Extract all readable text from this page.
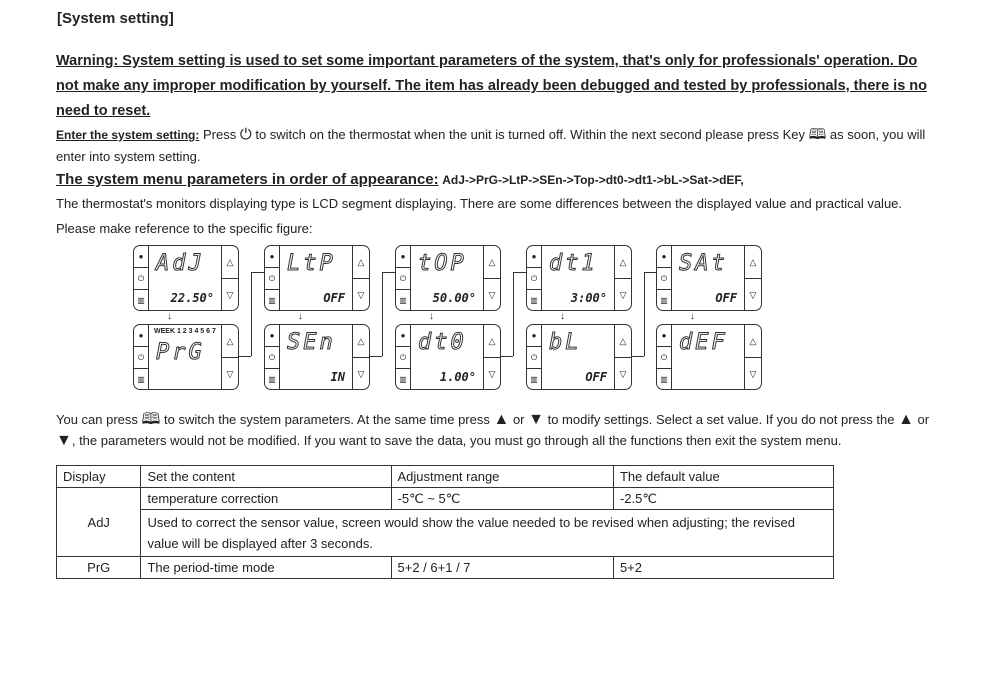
[System setting]
Warning: System setting is used to set some important parameters of the system, that's only for professionals' operation. Do not make any improper modification by yourself. The item has already been debugged and tested by professionals, there is no need to reset.
Enter the system setting: Press ⏻ to switch on the thermostat when the unit is turned off. Within the next second please press Key 🕮 as soon, you will enter into system setting.
The system menu parameters in order of appearance: AdJ->PrG->LtP->SEn->Top->dt0->dt1->bL->Sat->dEF,
The thermostat's monitors displaying type is LCD segment displaying. There are some differences between the displayed value and practical value.
Please make reference to the specific figure:
●
⏻
▥
△
▽
AdJ
22.50°
↓
●
⏻
▥
△
▽
LtP
OFF
↓
●
⏻
▥
△
▽
tOP
50.00°
↓
●
⏻
▥
△
▽
dt1
3:00°
↓
●
⏻
▥
△
▽
SAt
OFF
↓
●
⏻
▥
△
▽
WEEK 1 2 3 4 5 6 7
PrG
●
⏻
▥
△
▽
SEn
IN
●
⏻
▥
△
▽
dt0
1.00°
●
⏻
▥
△
▽
bL
OFF
●
⏻
▥
△
▽
dEF
You can press 🕮 to switch the system parameters. At the same time press ▲ or ▼ to modify settings. Select a set value. If you do not press the ▲ or ▼, the parameters would not be modified. If you want to save the data, you must go through all the functions then exit the system menu.
Display	Set the content	Adjustment range	The default value
AdJ	temperature correction	-5℃ ~ 5℃	-2.5℃
	Used to correct the sensor value, screen would show the value needed to be revised when adjusting; the revised value will be displayed after 3 seconds.		
PrG	The period-time mode	5+2 / 6+1 / 7	5+2
